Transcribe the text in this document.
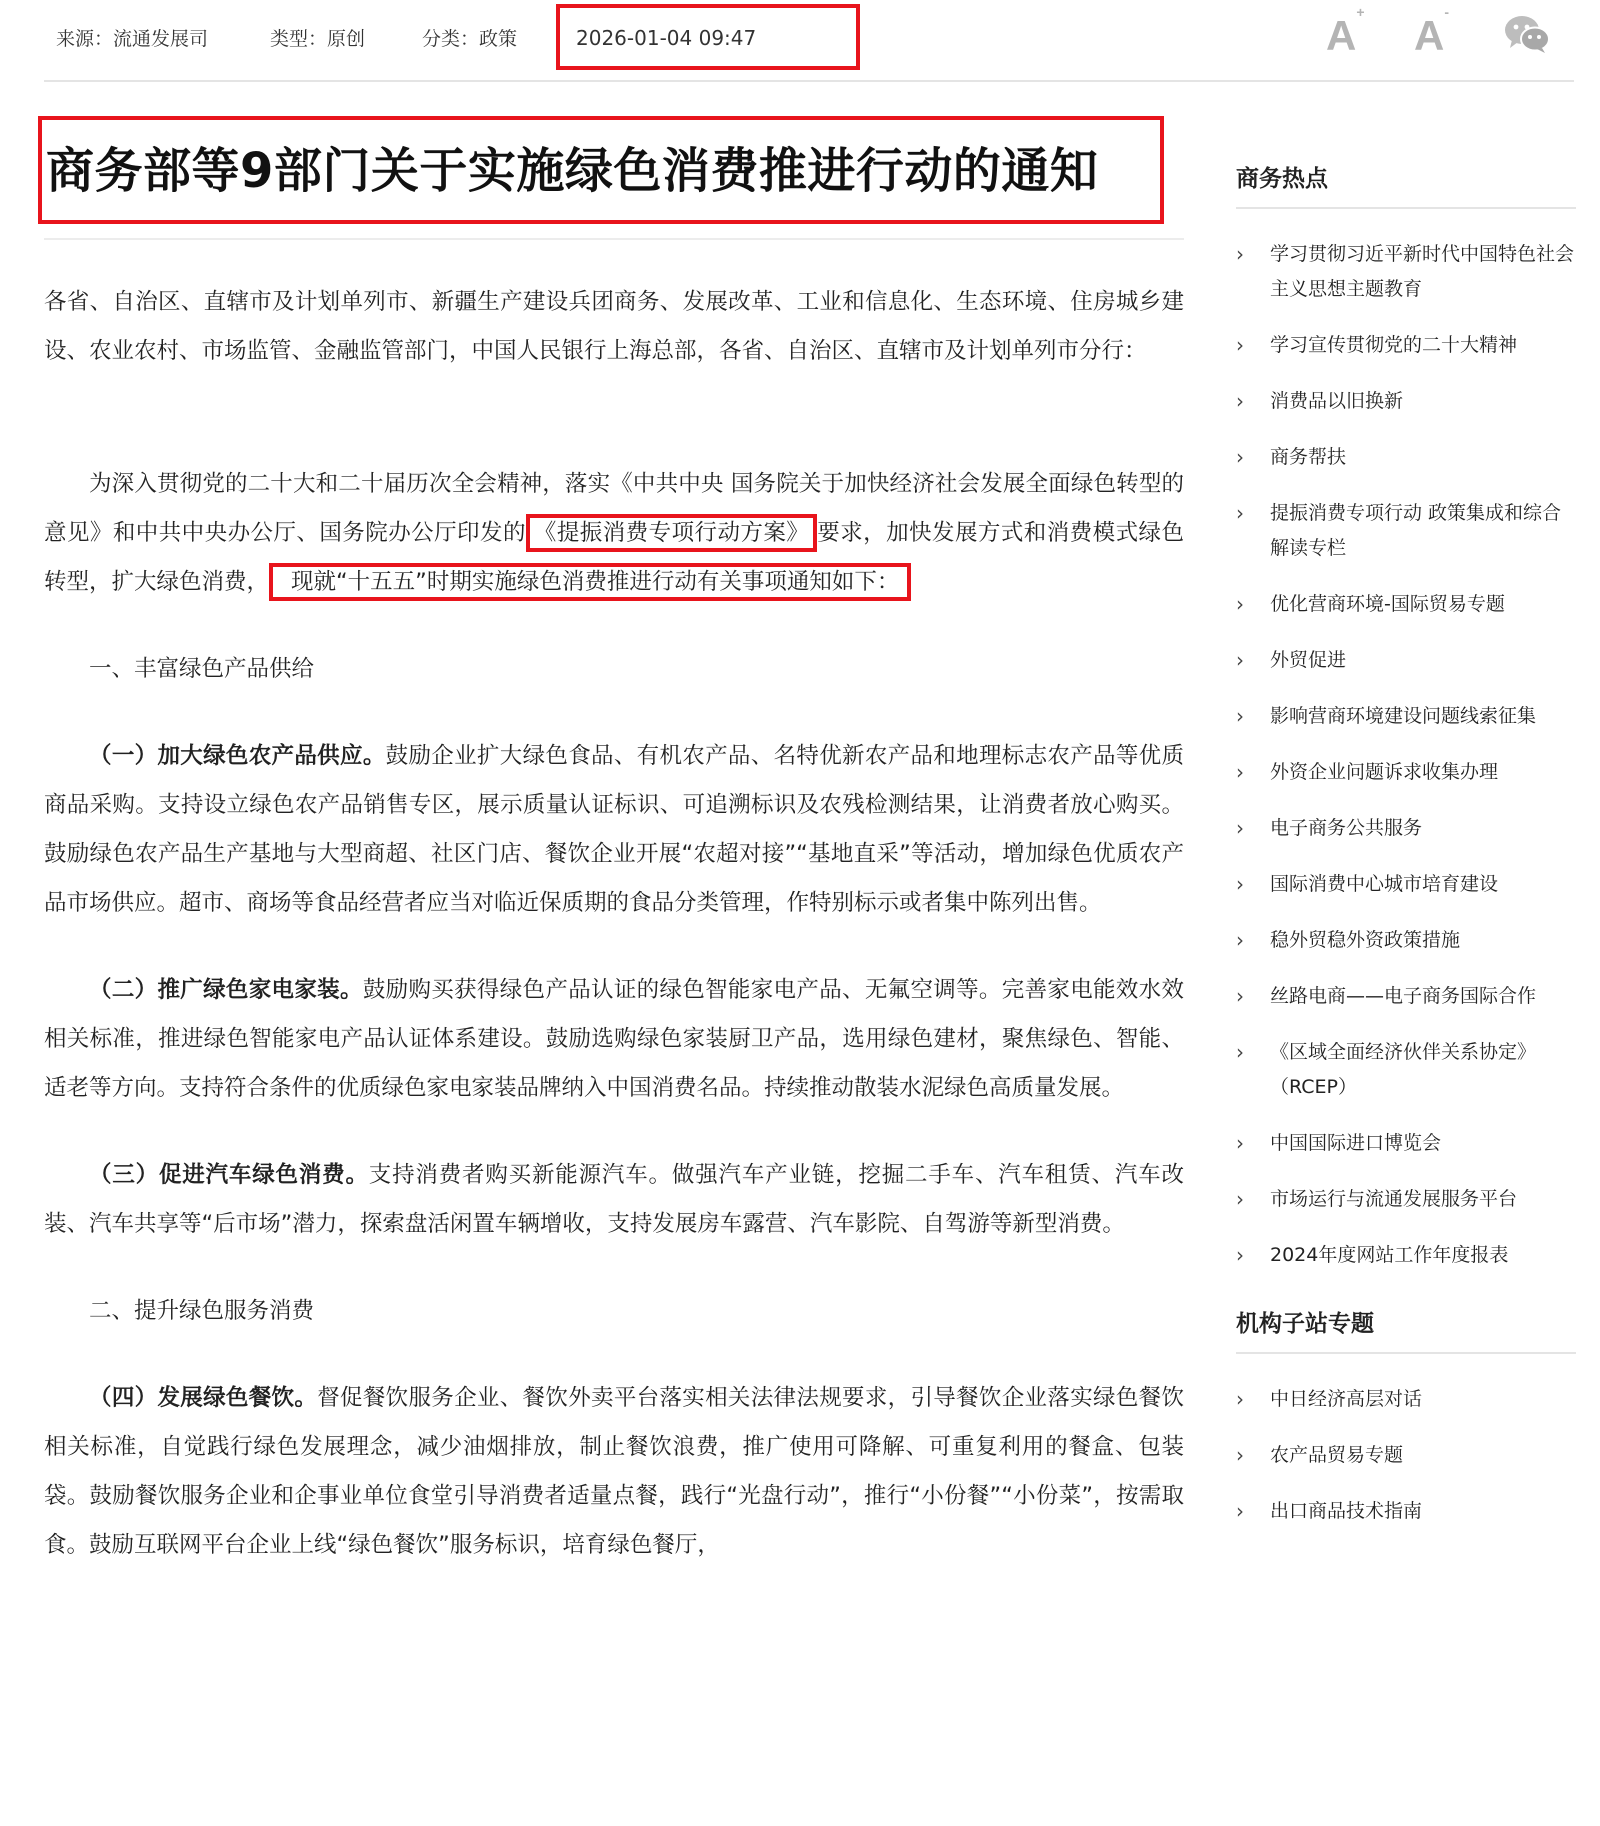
来源：流通发展司	类型：原创	分类：政策	2026-01-04 09:47	A+ A-
商务部等9部门关于实施绿色消费推进行动的通知

各省、自治区、直辖市及计划单列市、新疆生产建设兵团商务、发展改革、工业和信息化、生态环境、住房城乡建设、农业农村、市场监管、金融监管部门，中国人民银行上海总部，各省、自治区、直辖市及计划单列市分行：

为深入贯彻党的二十大和二十届历次全会精神，落实《中共中央 国务院关于加快经济社会发展全面绿色转型的意见》和中共中央办公厅、国务院办公厅印发的 《提振消费专项行动方案》 要求，加快发展方式和消费模式绿色转型，扩大绿色消费， 现就“十五五”时期实施绿色消费推进行动有关事项通知如下：

一、丰富绿色产品供给

（一）加大绿色农产品供应。鼓励企业扩大绿色食品、有机农产品、名特优新农产品和地理标志农产品等优质商品采购。支持设立绿色农产品销售专区，展示质量认证标识、可追溯标识及农残检测结果，让消费者放心购买。鼓励绿色农产品生产基地与大型商超、社区门店、餐饮企业开展“农超对接”“基地直采”等活动，增加绿色优质农产品市场供应。超市、商场等食品经营者应当对临近保质期的食品分类管理，作特别标示或者集中陈列出售。

（二）推广绿色家电家装。鼓励购买获得绿色产品认证的绿色智能家电产品、无氟空调等。完善家电能效水效相关标准，推进绿色智能家电产品认证体系建设。鼓励选购绿色家装厨卫产品，选用绿色建材，聚焦绿色、智能、适老等方向。支持符合条件的优质绿色家电家装品牌纳入中国消费名品。持续推动散装水泥绿色高质量发展。

（三）促进汽车绿色消费。支持消费者购买新能源汽车。做强汽车产业链，挖掘二手车、汽车租赁、汽车改装、汽车共享等“后市场”潜力，探索盘活闲置车辆增收，支持发展房车露营、汽车影院、自驾游等新型消费。

二、提升绿色服务消费

（四）发展绿色餐饮。督促餐饮服务企业、餐饮外卖平台落实相关法律法规要求，引导餐饮企业落实绿色餐饮相关标准，自觉践行绿色发展理念，减少油烟排放，制止餐饮浪费，推广使用可降解、可重复利用的餐盒、包装袋。鼓励餐饮服务企业和企事业单位食堂引导消费者适量点餐，践行“光盘行动”，推行“小份餐”“小份菜”，按需取食。鼓励互联网平台企业上线“绿色餐饮”服务标识，培育绿色餐厅，

商务热点
› 学习贯彻习近平新时代中国特色社会主义思想主题教育
› 学习宣传贯彻党的二十大精神
› 消费品以旧换新
› 商务帮扶
› 提振消费专项行动 政策集成和综合解读专栏
› 优化营商环境-国际贸易专题
› 外贸促进
› 影响营商环境建设问题线索征集
› 外资企业问题诉求收集办理
› 电子商务公共服务
› 国际消费中心城市培育建设
› 稳外贸稳外资政策措施
› 丝路电商——电子商务国际合作
› 《区域全面经济伙伴关系协定》（RCEP）
› 中国国际进口博览会
› 市场运行与流通发展服务平台
› 2024年度网站工作年度报表
机构子站专题
› 中日经济高层对话
› 农产品贸易专题
› 出口商品技术指南
